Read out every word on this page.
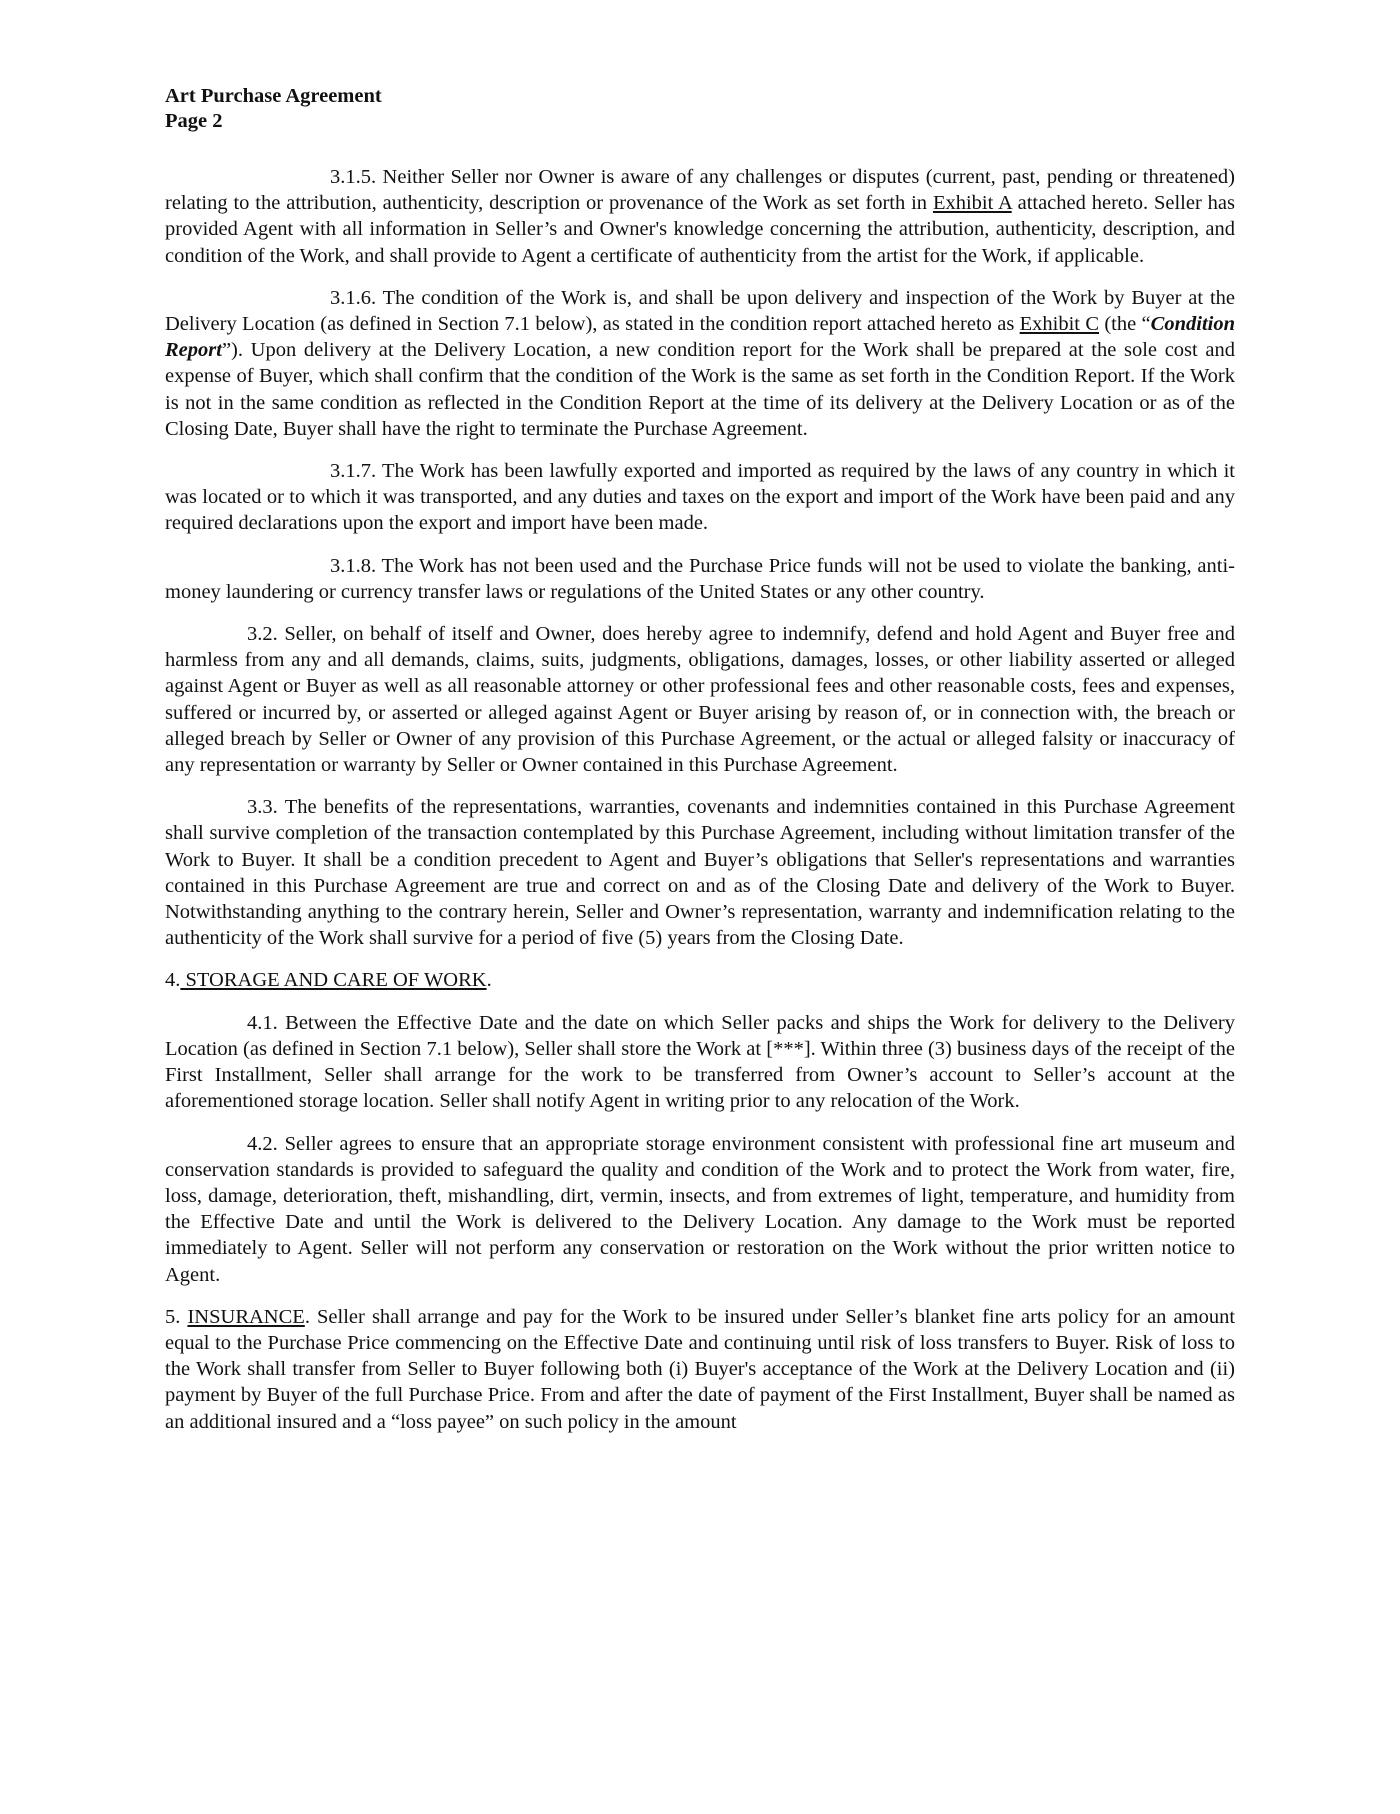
Art Purchase Agreement
Page 2

3.1.5. Neither Seller nor Owner is aware of any challenges or disputes (current, past, pending or threatened) relating to the attribution, authenticity, description or provenance of the Work as set forth in Exhibit A attached hereto. Seller has provided Agent with all information in Seller’s and Owner's knowledge concerning the attribution, authenticity, description, and condition of the Work, and shall provide to Agent a certificate of authenticity from the artist for the Work, if applicable.

3.1.6. The condition of the Work is, and shall be upon delivery and inspection of the Work by Buyer at the Delivery Location (as defined in Section 7.1 below), as stated in the condition report attached hereto as Exhibit C (the “Condition Report”). Upon delivery at the Delivery Location, a new condition report for the Work shall be prepared at the sole cost and expense of Buyer, which shall confirm that the condition of the Work is the same as set forth in the Condition Report. If the Work is not in the same condition as reflected in the Condition Report at the time of its delivery at the Delivery Location or as of the Closing Date, Buyer shall have the right to terminate the Purchase Agreement.

3.1.7. The Work has been lawfully exported and imported as required by the laws of any country in which it was located or to which it was transported, and any duties and taxes on the export and import of the Work have been paid and any required declarations upon the export and import have been made.

3.1.8. The Work has not been used and the Purchase Price funds will not be used to violate the banking, anti-money laundering or currency transfer laws or regulations of the United States or any other country.

3.2. Seller, on behalf of itself and Owner, does hereby agree to indemnify, defend and hold Agent and Buyer free and harmless from any and all demands, claims, suits, judgments, obligations, damages, losses, or other liability asserted or alleged against Agent or Buyer as well as all reasonable attorney or other professional fees and other reasonable costs, fees and expenses, suffered or incurred by, or asserted or alleged against Agent or Buyer arising by reason of, or in connection with, the breach or alleged breach by Seller or Owner of any provision of this Purchase Agreement, or the actual or alleged falsity or inaccuracy of any representation or warranty by Seller or Owner contained in this Purchase Agreement.

3.3. The benefits of the representations, warranties, covenants and indemnities contained in this Purchase Agreement shall survive completion of the transaction contemplated by this Purchase Agreement, including without limitation transfer of the Work to Buyer. It shall be a condition precedent to Agent and Buyer’s obligations that Seller's representations and warranties contained in this Purchase Agreement are true and correct on and as of the Closing Date and delivery of the Work to Buyer. Notwithstanding anything to the contrary herein, Seller and Owner’s representation, warranty and indemnification relating to the authenticity of the Work shall survive for a period of five (5) years from the Closing Date.

4. STORAGE AND CARE OF WORK.

4.1. Between the Effective Date and the date on which Seller packs and ships the Work for delivery to the Delivery Location (as defined in Section 7.1 below), Seller shall store the Work at [***]. Within three (3) business days of the receipt of the First Installment, Seller shall arrange for the work to be transferred from Owner’s account to Seller’s account at the aforementioned storage location. Seller shall notify Agent in writing prior to any relocation of the Work.

4.2. Seller agrees to ensure that an appropriate storage environment consistent with professional fine art museum and conservation standards is provided to safeguard the quality and condition of the Work and to protect the Work from water, fire, loss, damage, deterioration, theft, mishandling, dirt, vermin, insects, and from extremes of light, temperature, and humidity from the Effective Date and until the Work is delivered to the Delivery Location. Any damage to the Work must be reported immediately to Agent. Seller will not perform any conservation or restoration on the Work without the prior written notice to Agent.

5. INSURANCE. Seller shall arrange and pay for the Work to be insured under Seller’s blanket fine arts policy for an amount equal to the Purchase Price commencing on the Effective Date and continuing until risk of loss transfers to Buyer. Risk of loss to the Work shall transfer from Seller to Buyer following both (i) Buyer's acceptance of the Work at the Delivery Location and (ii) payment by Buyer of the full Purchase Price. From and after the date of payment of the First Installment, Buyer shall be named as an additional insured and a “loss payee” on such policy in the amount
